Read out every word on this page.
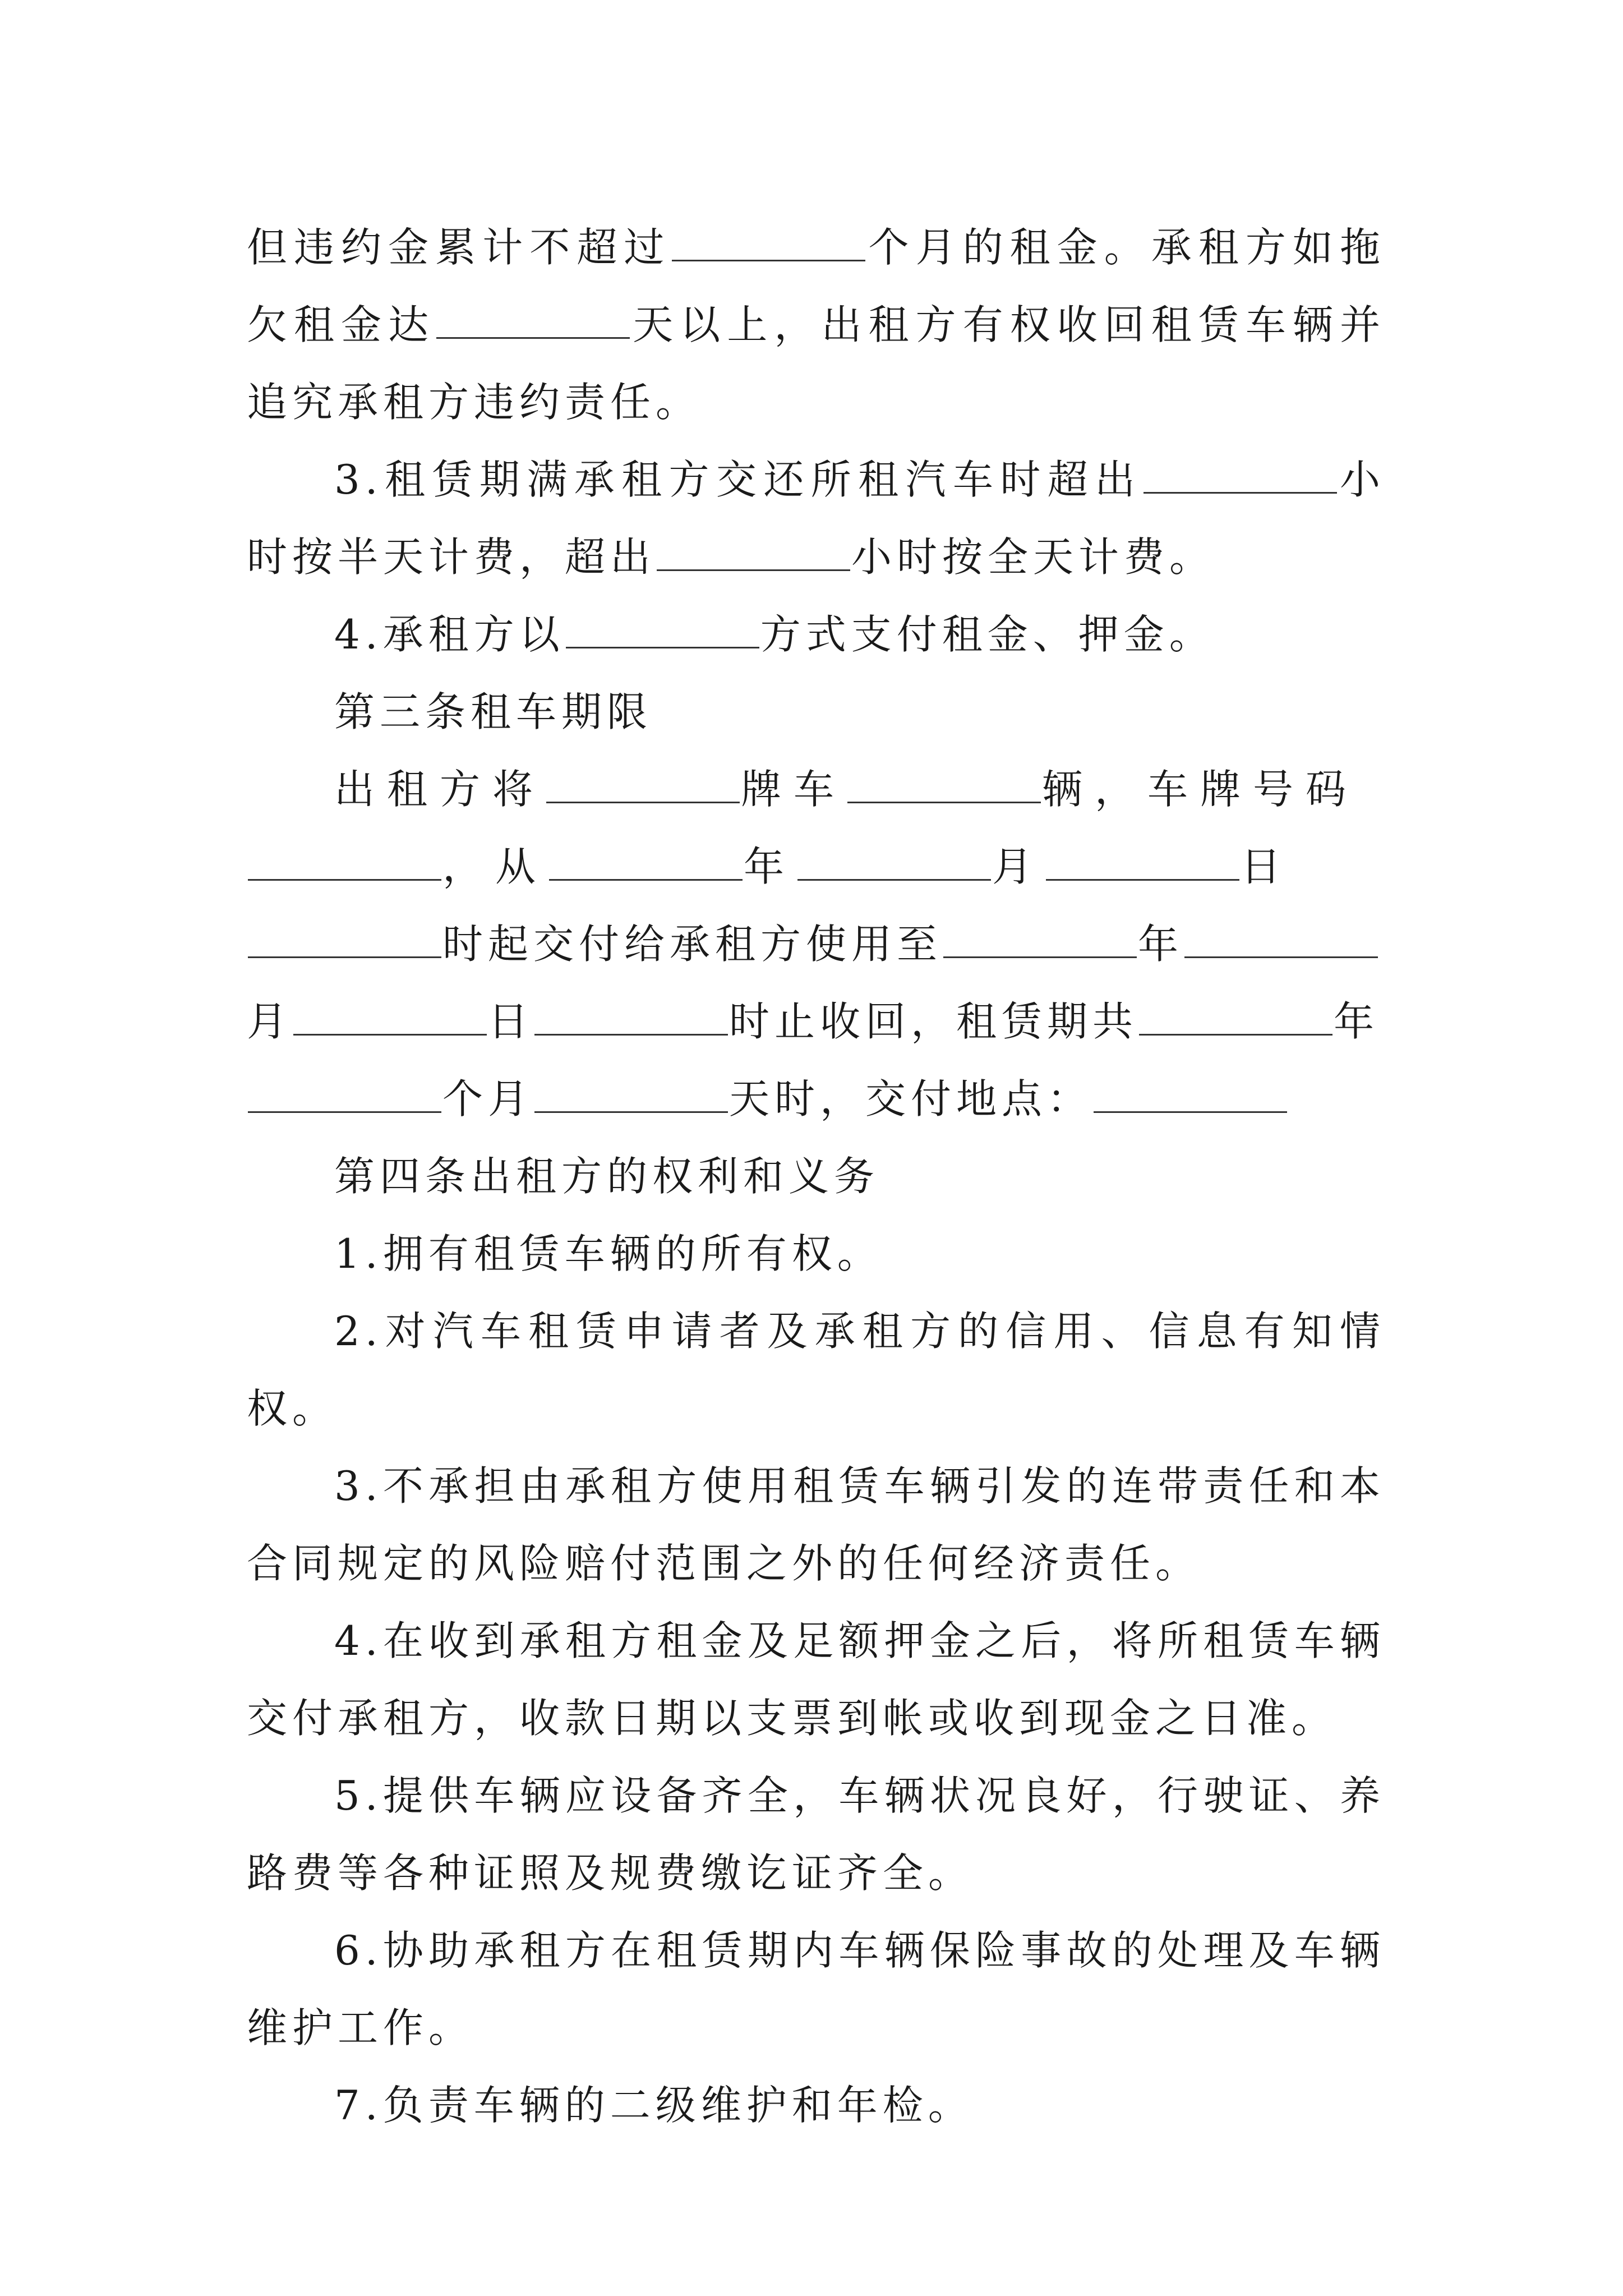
但违约金累计不超过	个月的租金。承租方如拖欠租金达	天以上，出租方有权收回租赁车辆并追究承租方违约责任。

3.租赁期满承租方交还所租汽车时超出	小时按半天计费，超出	小时按全天计费。

4.承租方以	方式支付租金、押金。

第三条租车期限

出租方将	牌车	辆，车牌号码

，从	年	月	日

时起交付给承租方使用至	年

月	日	时止收回，租赁期共	年

个月	天时，交付地点：

第四条出租方的权利和义务

1.拥有租赁车辆的所有权。

2.对汽车租赁申请者及承租方的信用、信息有知情权。

3.不承担由承租方使用租赁车辆引发的连带责任和本合同规定的风险赔付范围之外的任何经济责任。

4.在收到承租方租金及足额押金之后，将所租赁车辆交付承租方，收款日期以支票到帐或收到现金之日准。

5.提供车辆应设备齐全，车辆状况良好，行驶证、养路费等各种证照及规费缴讫证齐全。

6.协助承租方在租赁期内车辆保险事故的处理及车辆维护工作。

7.负责车辆的二级维护和年检。
